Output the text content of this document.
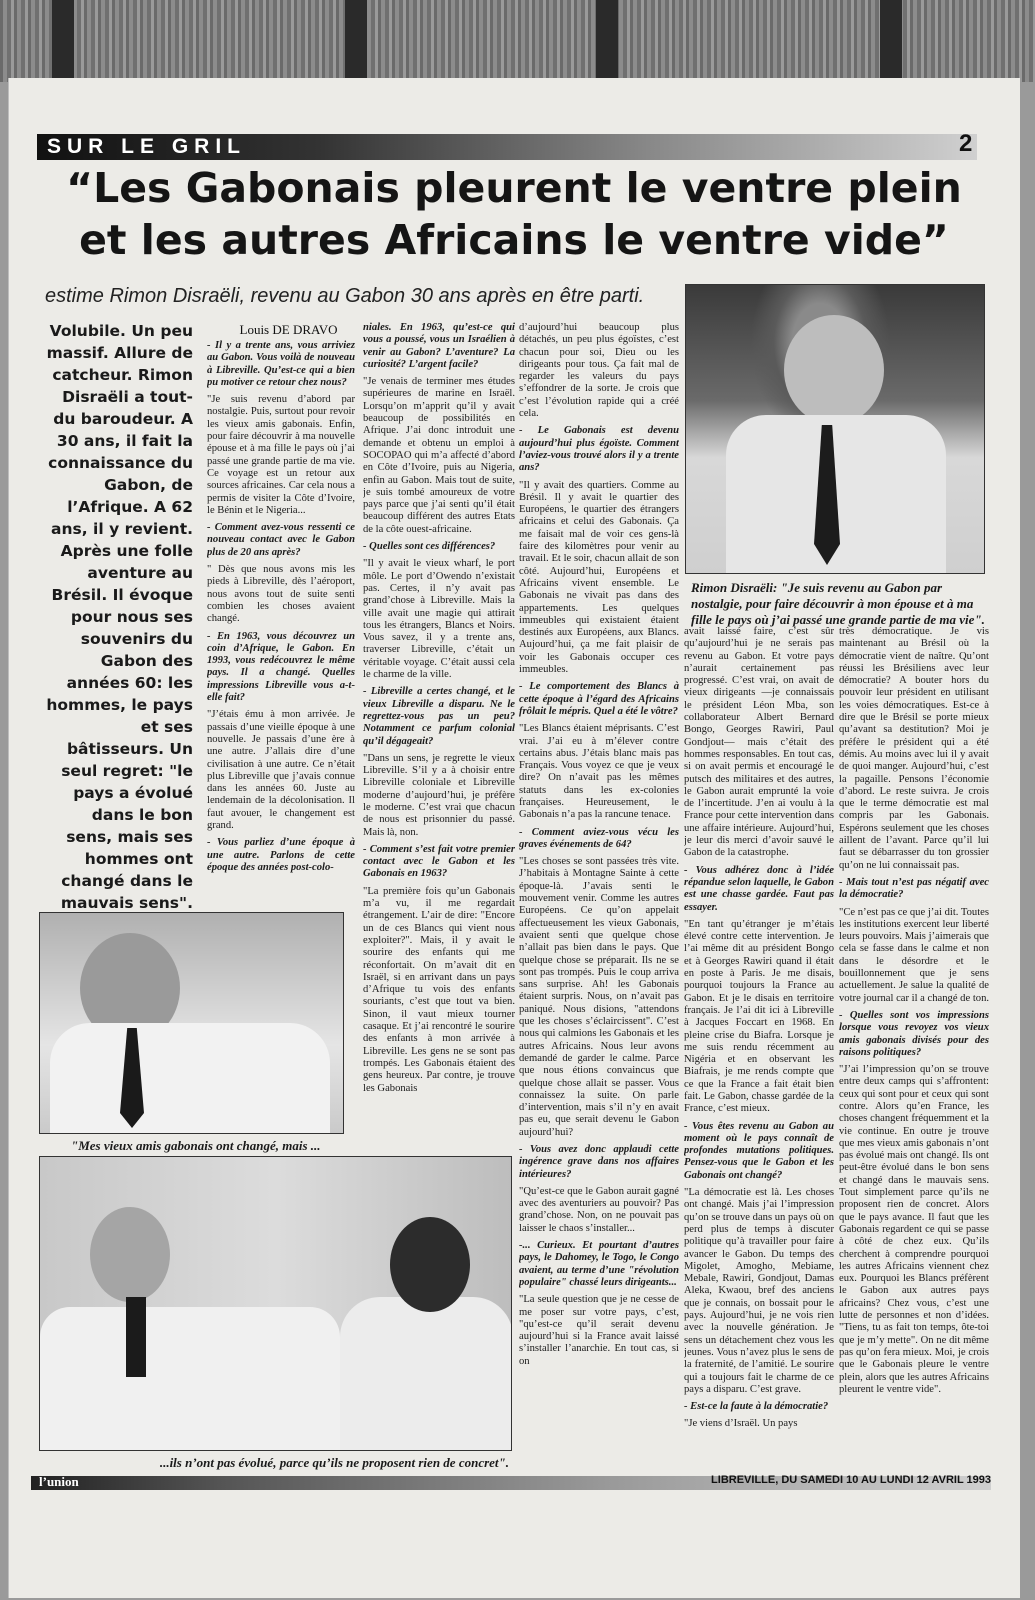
SUR LE GRIL	2
“Les Gabonais pleurent le ventre plein
et les autres Africains le ventre vide”
estime Rimon Disraëli, revenu au Gabon 30 ans après en être parti.
Volubile. Un peu massif. Allure de catcheur. Rimon Disraëli a tout-du baroudeur. A 30 ans, il fait la connaissance du Gabon, de l’Afrique. A 62 ans, il y revient. Après une folle aventure au Brésil. Il évoque pour nous ses souvenirs du Gabon des années 60: les hommes, le pays et ses bâtisseurs. Un seul regret: "le pays a évolué dans le bon sens, mais ses hommes ont changé dans le mauvais sens".
Louis DE DRAVO

- Il y a trente ans, vous arriviez au Gabon. Vous voilà de nouveau à Libreville. Qu’est-ce qui a bien pu motiver ce retour chez nous?

"Je suis revenu d’abord par nostalgie. Puis, surtout pour revoir les vieux amis gabonais. Enfin, pour faire découvrir à ma nouvelle épouse et à ma fille le pays où j’ai passé une grande partie de ma vie. Ce voyage est un retour aux sources africaines. Car cela nous a permis de visiter la Côte d’Ivoire, le Bénin et le Nigeria...

- Comment avez-vous ressenti ce nouveau contact avec le Gabon plus de 20 ans après?

" Dès que nous avons mis les pieds à Libreville, dès l’aéroport, nous avons tout de suite senti combien les choses avaient changé.

- En 1963, vous découvrez un coin d’Afrique, le Gabon. En 1993, vous redécouvrez le même pays. Il a changé. Quelles impressions Libreville vous a-t-elle fait?

"J’étais ému à mon arrivée. Je passais d’une vieille époque à une nouvelle. Je passais d’une ère à une autre. J’allais dire d’une civilisation à une autre. Ce n’était plus Libreville que j’avais connue dans les années 60. Juste au lendemain de la décolonisation. Il faut avouer, le changement est grand.

- Vous parliez d’une époque à une autre. Parlons de cette époque des années post-colo-

niales. En 1963, qu’est-ce qui vous a poussé, vous un Israélien à venir au Gabon? L’aventure? La curiosité? L’argent facile?

"Je venais de terminer mes études supérieures de marine en Israël. Lorsqu’on m’apprit qu’il y avait beaucoup de possibilités en Afrique. J’ai donc introduit une demande et obtenu un emploi à SOCOPAO qui m’a affecté d’abord en Côte d’Ivoire, puis au Nigeria, enfin au Gabon. Mais tout de suite, je suis tombé amoureux de votre pays parce que j’ai senti qu’il était beaucoup différent des autres Etats de la côte ouest-africaine.

- Quelles sont ces différences?

"Il y avait le vieux wharf, le port môle. Le port d’Owendo n’existait pas. Certes, il n’y avait pas grand’chose à Libreville. Mais la ville avait une magie qui attirait tous les étrangers, Blancs et Noirs. Vous savez, il y a trente ans, traverser Libreville, c’était un véritable voyage. C’était aussi cela le charme de la ville.

- Libreville a certes changé, et le vieux Libreville a disparu. Ne le regrettez-vous pas un peu? Notamment ce parfum colonial qu’il dégageait?

"Dans un sens, je regrette le vieux Libreville. S’il y a à choisir entre Libreville coloniale et Libreville moderne d’aujourd’hui, je préfère le moderne. C’est vrai que chacun de nous est prisonnier du passé. Mais là, non.

- Comment s’est fait votre premier contact avec le Gabon et les Gabonais en 1963?

"La première fois qu’un Gabonais m’a vu, il me regardait étrangement. L’air de dire: "Encore un de ces Blancs qui vient nous exploiter?". Mais, il y avait le sourire des enfants qui me réconfortait. On m’avait dit en Israël, si en arrivant dans un pays d’Afrique tu vois des enfants souriants, c’est que tout va bien. Sinon, il vaut mieux tourner casaque. Et j’ai rencontré le sourire des enfants à mon arrivée à Libreville. Les gens ne se sont pas trompés. Les Gabonais étaient des gens heureux. Par contre, je trouve les Gabonais

d’aujourd’hui beaucoup plus détachés, un peu plus égoïstes, c’est chacun pour soi, Dieu ou les dirigeants pour tous. Ça fait mal de regarder les valeurs du pays s’effondrer de la sorte. Je crois que c’est l’évolution rapide qui a créé cela.

- Le Gabonais est devenu aujourd’hui plus égoïste. Comment l’aviez-vous trouvé alors il y a trente ans?

"Il y avait des quartiers. Comme au Brésil. Il y avait le quartier des Européens, le quartier des étrangers africains et celui des Gabonais. Ça me faisait mal de voir ces gens-là faire des kilomètres pour venir au travail. Et le soir, chacun allait de son côté. Aujourd’hui, Européens et Africains vivent ensemble. Le Gabonais ne vivait pas dans des appartements. Les quelques immeubles qui existaient étaient destinés aux Européens, aux Blancs. Aujourd’hui, ça me fait plaisir de voir les Gabonais occuper ces immeubles.

- Le comportement des Blancs à cette époque à l’égard des Africains frôlait le mépris. Quel a été le vôtre?

"Les Blancs étaient méprisants. C’est vrai. J’ai eu à m’élever contre certains abus. J’étais blanc mais pas Français. Vous voyez ce que je veux dire? On n’avait pas les mêmes statuts dans les ex-colonies françaises. Heureusement, le Gabonais n’a pas la rancune tenace.

- Comment aviez-vous vécu les graves événements de 64?

"Les choses se sont passées très vite. J’habitais à Montagne Sainte à cette époque-là. J’avais senti le mouvement venir. Comme les autres Européens. Ce qu’on appelait affectueusement les vieux Gabonais, avaient senti que quelque chose n’allait pas bien dans le pays. Que quelque chose se préparait. Ils ne se sont pas trompés. Puis le coup arriva sans surprise. Ah! les Gabonais étaient surpris. Nous, on n’avait pas paniqué. Nous disions, "attendons que les choses s’éclaircissent". C’est nous qui calmions les Gabonais et les autres Africains. Nous leur avons demandé de garder le calme. Parce que nous étions convaincus que quelque chose allait se passer. Vous connaissez la suite. On parle d’intervention, mais s’il n’y en avait pas eu, que serait devenu le Gabon aujourd’hui?

- Vous avez donc applaudi cette ingérence grave dans nos affaires intérieures?

"Qu’est-ce que le Gabon aurait gagné avec des aventuriers au pouvoir? Pas grand’chose. Non, on ne pouvait pas laisser le chaos s’installer...

-... Curieux. Et pourtant d’autres pays, le Dahomey, le Togo, le Congo avaient, au terme d’une "révolution populaire" chassé leurs dirigeants...

"La seule question que je ne cesse de me poser sur votre pays, c’est, "qu’est-ce qu’il serait devenu aujourd’hui si la France avait laissé s’installer l’anarchie. En tout cas, si on

avait laissé faire, c’est sûr qu’aujourd’hui je ne serais pas revenu au Gabon. Et votre pays n’aurait certainement pas progressé. C’est vrai, on avait de vieux dirigeants —je connaissais le président Léon Mba, son collaborateur Albert Bernard Bongo, Georges Rawiri, Paul Gondjout— mais c’était des hommes responsables. En tout cas, si on avait permis et encouragé le putsch des militaires et des autres, le Gabon aurait emprunté la voie de l’incertitude. J’en ai voulu à la France pour cette intervention dans une affaire intérieure. Aujourd’hui, je leur dis merci d’avoir sauvé le Gabon de la catastrophe.

- Vous adhérez donc à l’idée répandue selon laquelle, le Gabon est une chasse gardée. Faut pas essayer.

"En tant qu’étranger je m’étais élevé contre cette intervention. Je l’ai même dit au président Bongo et à Georges Rawiri quand il était en poste à Paris. Je me disais, pourquoi toujours la France au Gabon. Et je le disais en territoire français. Je l’ai dit ici à Libreville à Jacques Foccart en 1968. En pleine crise du Biafra. Lorsque je me suis rendu récemment au Nigéria et en observant les Biafrais, je me rends compte que ce que la France a fait était bien fait. Le Gabon, chasse gardée de la France, c’est mieux.

- Vous êtes revenu au Gabon au moment où le pays connaît de profondes mutations politiques. Pensez-vous que le Gabon et les Gabonais ont changé?

"La démocratie est là. Les choses ont changé. Mais j’ai l’impression qu’on se trouve dans un pays où on perd plus de temps à discuter politique qu’à travailler pour faire avancer le Gabon. Du temps des Migolet, Amogho, Mebiame, Mebale, Rawiri, Gondjout, Damas Aleka, Kwaou, bref des anciens que je connais, on bossait pour le pays. Aujourd’hui, je ne vois rien avec la nouvelle génération. Je sens un détachement chez vous les jeunes. Vous n’avez plus le sens de la fraternité, de l’amitié. Le sourire qui a toujours fait le charme de ce pays a disparu. C’est grave.

- Est-ce la faute à la démocratie?

"Je viens d’Israël. Un pays

très démocratique. Je vis maintenant au Brésil où la démocratie vient de naître. Qu’ont réussi les Brésiliens avec leur démocratie? A bouter hors du pouvoir leur président en utilisant les voies démocratiques. Est-ce à dire que le Brésil se porte mieux qu’avant sa destitution? Moi je préfère le président qui a été démis. Au moins avec lui il y avait de quoi manger. Aujourd’hui, c’est la pagaille. Pensons l’économie d’abord. Le reste suivra. Je crois que le terme démocratie est mal compris par les Gabonais. Espérons seulement que les choses aillent de l’avant. Parce qu’il lui faut se débarrasser du ton grossier qu’on ne lui connaissait pas.

- Mais tout n’est pas négatif avec la démocratie?

"Ce n’est pas ce que j’ai dit. Toutes les institutions exercent leur liberté leurs pouvoirs. Mais j’aimerais que cela se fasse dans le calme et non dans le désordre et le bouillonnement que je sens actuellement. Je salue la qualité de votre journal car il a changé de ton.

- Quelles sont vos impressions lorsque vous revoyez vos vieux amis gabonais divisés pour des raisons politiques?

"J’ai l’impression qu’on se trouve entre deux camps qui s’affrontent: ceux qui sont pour et ceux qui sont contre. Alors qu’en France, les choses changent fréquemment et la vie continue. En outre je trouve que mes vieux amis gabonais n’ont pas évolué mais ont changé. Ils ont peut-être évolué dans le bon sens et changé dans le mauvais sens. Tout simplement parce qu’ils ne proposent rien de concret. Alors que le pays avance. Il faut que les Gabonais regardent ce qui se passe à côté de chez eux. Qu’ils cherchent à comprendre pourquoi les autres Africains viennent chez eux. Pourquoi les Blancs préfèrent le Gabon aux autres pays africains? Chez vous, c’est une lutte de personnes et non d’idées. "Tiens, tu as fait ton temps, ôte-toi que je m’y mette". On ne dit même pas qu’on fera mieux. Moi, je crois que le Gabonais pleure le ventre plein, alors que les autres Africains pleurent le ventre vide".

Rimon Disraëli: "Je suis revenu au Gabon par nostalgie, pour faire découvrir à mon épouse et à ma fille le pays où j’ai passé une grande partie de ma vie".
"Mes vieux amis gabonais ont changé, mais ...
...ils n’ont pas évolué, parce qu’ils ne proposent rien de concret".
l’union	LIBREVILLE, DU SAMEDI 10 AU LUNDI 12 AVRIL 1993
